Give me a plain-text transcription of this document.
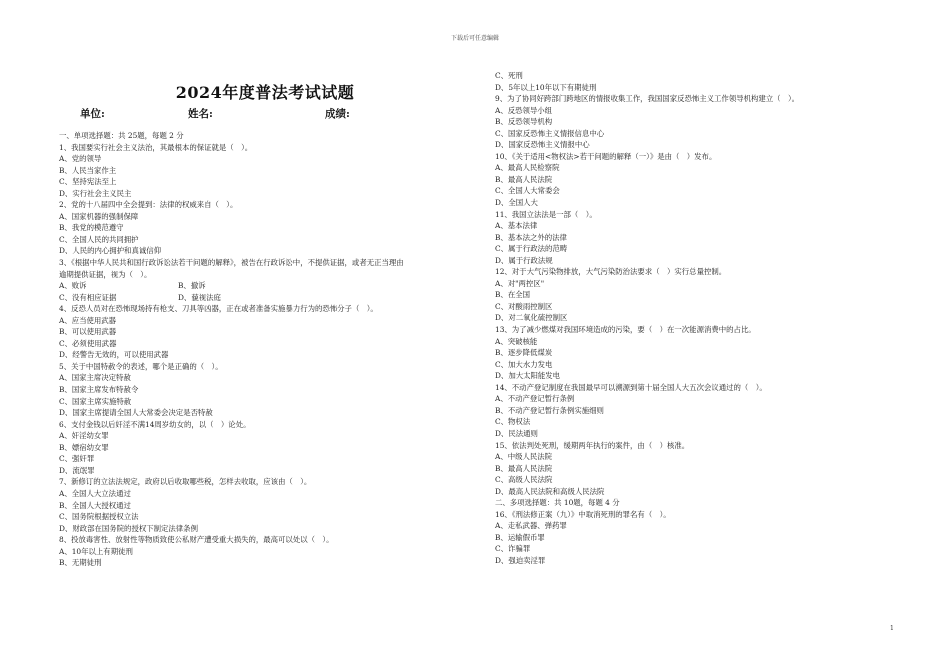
下载后可任意编辑
2024年度普法考试试题
单位:	姓名:	成绩:
一、单项选择题：共 25题，每题 2 分
1、我国要实行社会主义法治，其最根本的保证就是（　）。
A、党的领导
B、人民当家作主
C、坚持宪法至上
D、实行社会主义民主
2、党的十八届四中全会提到：法律的权威来自（　）。
A、国家机器的强制保障
B、我党的模范遵守
C、全国人民的共同拥护
D、人民的内心拥护和真诚信仰
3、《根据中华人民共和国行政诉讼法若干问题的解释》，被告在行政诉讼中，不提供证据，或者无正当理由
逾期提供证据，视为（　）。
A、败诉	B、撤诉
C、没有相应证据	D、藐视法庭
4、反恐人员对在恐怖现场持有枪支、刀具等凶器，正在或者准备实施暴力行为的恐怖分子（　）。
A、应当使用武器
B、可以使用武器
C、必须使用武器
D、经警告无效的，可以使用武器
5、关于中国特赦令的表述，哪个是正确的（　）。
A、国家主席决定特赦
B、国家主席发布特赦令
C、国家主席实施特赦
D、国家主席提请全国人大常委会决定是否特赦
6、支付金钱以后奸淫不满14周岁幼女的，以（　）论处。
A、奸淫幼女罪
B、嫖宿幼女罪
C、强奸罪
D、流氓罪
7、新修订的立法法规定，政府以后收取哪些税，怎样去收取，应该由（　）。
A、全国人大立法通过
B、全国人大授权通过
C、国务院根据授权立法
D、财政部在国务院的授权下制定法律条例
8、投放毒害性、放射性等物质致使公私财产遭受重大损失的，最高可以处以（　）。
A、10年以上有期徒刑
B、无期徒刑
C、死刑
D、5年以上10年以下有期徒刑
9、为了协同好跨部门跨地区的情报收集工作，我国国家反恐怖主义工作领导机构建立（　）。
A、反恐领导小组
B、反恐领导机构
C、国家反恐怖主义情报信息中心
D、国家反恐怖主义情报中心
10、《关于适用<物权法>若干问题的解释（一）》是由（　）发布。
A、最高人民检察院
B、最高人民法院
C、全国人大常委会
D、全国人大
11、我国立法法是一部（　）。
A、基本法律
B、基本法之外的法律
C、属于行政法的范畴
D、属于行政法规
12、对于大气污染物排放，大气污染防治法要求（　）实行总量控制。
A、对"两控区"
B、在全国
C、对酸雨控制区
D、对二氧化硫控制区
13、为了减少燃煤对我国环境造成的污染，要（　）在一次能源消费中的占比。
A、突破核能
B、逐步降低煤炭
C、加大水力发电
D、加大太阳能发电
14、不动产登记制度在我国最早可以溯源到第十届全国人大五次会议通过的（　）。
A、不动产登记暂行条例
B、不动产登记暂行条例实施细则
C、物权法
D、民法通则
15、依法判处死刑，缓期两年执行的案件，由（　）核准。
A、中级人民法院
B、最高人民法院
C、高级人民法院
D、最高人民法院和高级人民法院
二、多项选择题：共 10题，每题 4 分
16、《刑法修正案（九）》中取消死刑的罪名有（　）。
A、走私武器、弹药罪
B、运输假币罪
C、诈骗罪
D、强迫卖淫罪
1
